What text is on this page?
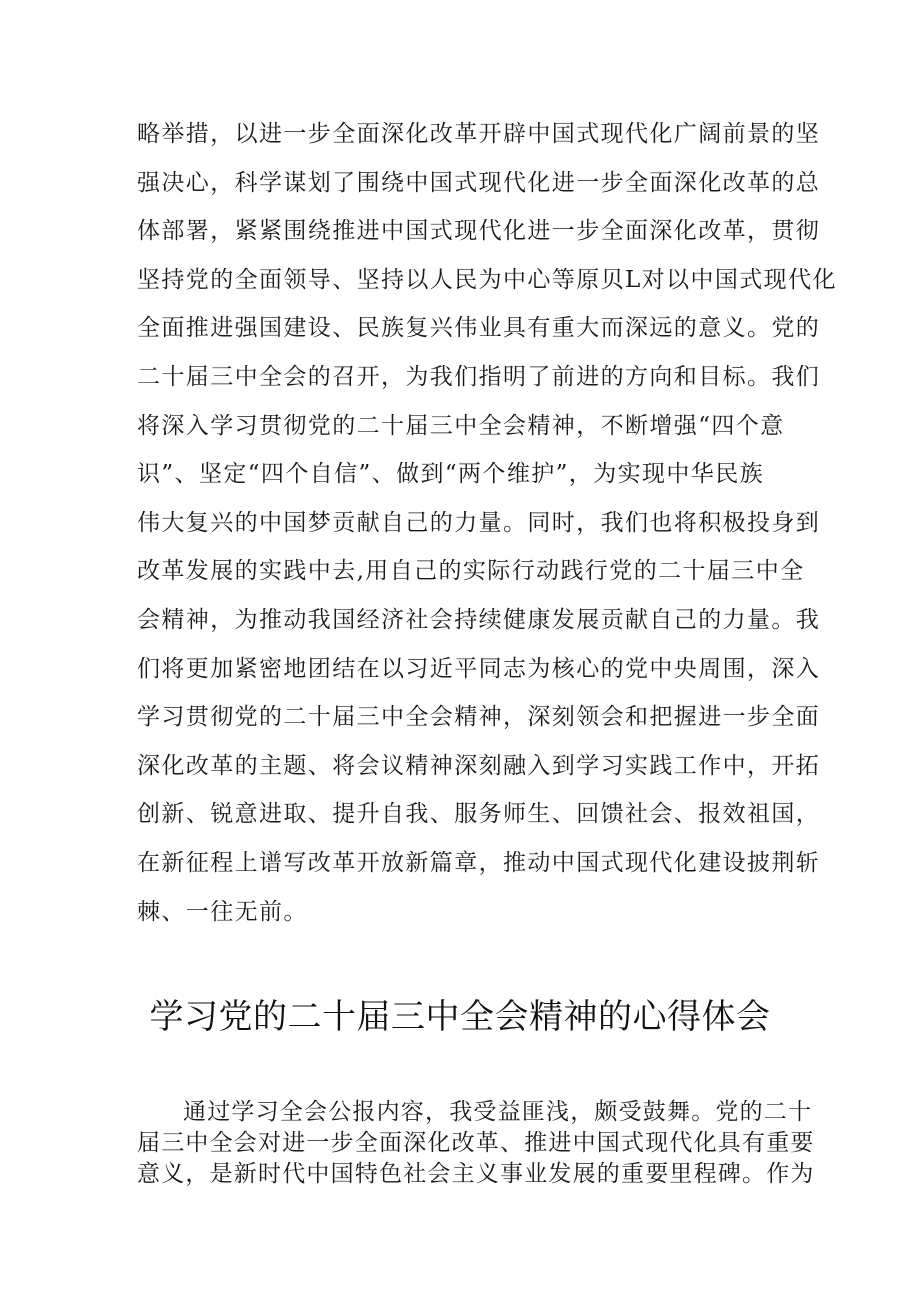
略举措，以进一步全面深化改革开辟中国式现代化广阔前景的坚
强决心，科学谋划了围绕中国式现代化进一步全面深化改革的总
体部署，紧紧围绕推进中国式现代化进一步全面深化改革，贯彻
坚持党的全面领导、坚持以人民为中心等原贝L对以中国式现代化
全面推进强国建设、民族复兴伟业具有重大而深远的意义。党的
二十届三中全会的召开，为我们指明了前进的方向和目标。我们
将深入学习贯彻党的二十届三中全会精神，不断增强“四个意
识”、坚定“四个自信”、做到“两个维护”，为实现中华民族
伟大复兴的中国梦贡献自己的力量。同时，我们也将积极投身到
改革发展的实践中去,用自己的实际行动践行党的二十届三中全
会精神，为推动我国经济社会持续健康发展贡献自己的力量。我
们将更加紧密地团结在以习近平同志为核心的党中央周围，深入
学习贯彻党的二十届三中全会精神，深刻领会和把握进一步全面
深化改革的主题、将会议精神深刻融入到学习实践工作中，开拓
创新、锐意进取、提升自我、服务师生、回馈社会、报效祖国，
在新征程上谱写改革开放新篇章，推动中国式现代化建设披荆斩
棘、一往无前。
学习党的二十届三中全会精神的心得体会
通过学习全会公报内容，我受益匪浅，颇受鼓舞。党的二十
届三中全会对进一步全面深化改革、推进中国式现代化具有重要
意义，是新时代中国特色社会主义事业发展的重要里程碑。作为
